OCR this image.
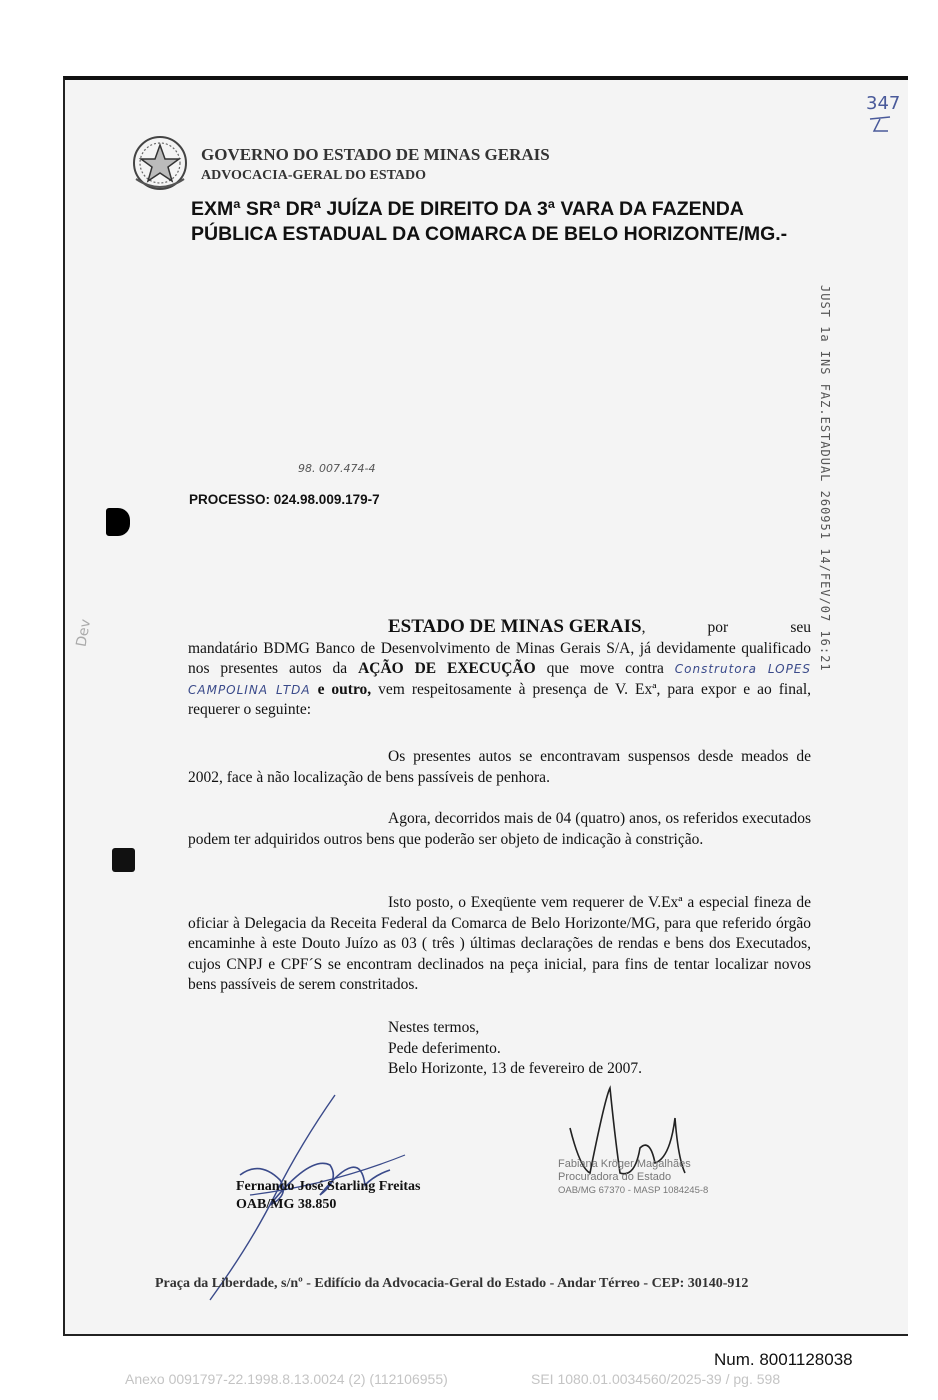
GOVERNO DO ESTADO DE MINAS GERAIS
ADVOCACIA-GERAL DO ESTADO
EXMª SRª DRª JUÍZA DE DIREITO DA 3ª VARA DA FAZENDA
PÚBLICA ESTADUAL DA COMARCA DE BELO HORIZONTE/MG.-
347
JUST 1a INS FAZ.ESTADUAL 260951 14/FEV/07 16:21
98. 007.474-4
PROCESSO: 024.98.009.179-7
Dev	ESTADO DE MINAS GERAIS,	por	seu
mandatário BDMG Banco de Desenvolvimento de Minas Gerais S/A, já devidamente qualificado nos presentes autos da AÇÃO DE EXECUÇÃO que move contra Construtora LOPES CAMPOLINA LTDA e outro, vem respeitosamente à presença de V. Exª, para expor e ao final, requerer o seguinte:
Os presentes autos se encontravam suspensos desde meados de 2002, face à não localização de bens passíveis de penhora.
Agora, decorridos mais de 04 (quatro) anos, os referidos executados podem ter adquiridos outros bens que poderão ser objeto de indicação à constrição.
Isto posto, o Exeqüente vem requerer de V.Exª a especial fineza de oficiar à Delegacia da Receita Federal da Comarca de Belo Horizonte/MG, para que referido órgão encaminhe à este Douto Juízo as 03 ( três ) últimas declarações de rendas e bens dos Executados, cujos CNPJ e CPF´S se encontram declinados na peça inicial, para fins de tentar localizar novos bens passíveis de serem constritados.
Nestes termos,
Pede deferimento.
Belo Horizonte, 13 de fevereiro de 2007.
Fernando José Starling Freitas
OAB/MG 38.850
Fabiana Kröger Magalhães
Procuradora do Estado
OAB/MG 67370 - MASP 1084245-8
Praça da Liberdade, s/nº - Edifício da Advocacia-Geral do Estado - Andar Térreo - CEP: 30140-912
Num. 8001128038
Anexo 0091797-22.1998.8.13.0024 (2) (112106955)	SEI 1080.01.0034560/2025-39 / pg. 598
